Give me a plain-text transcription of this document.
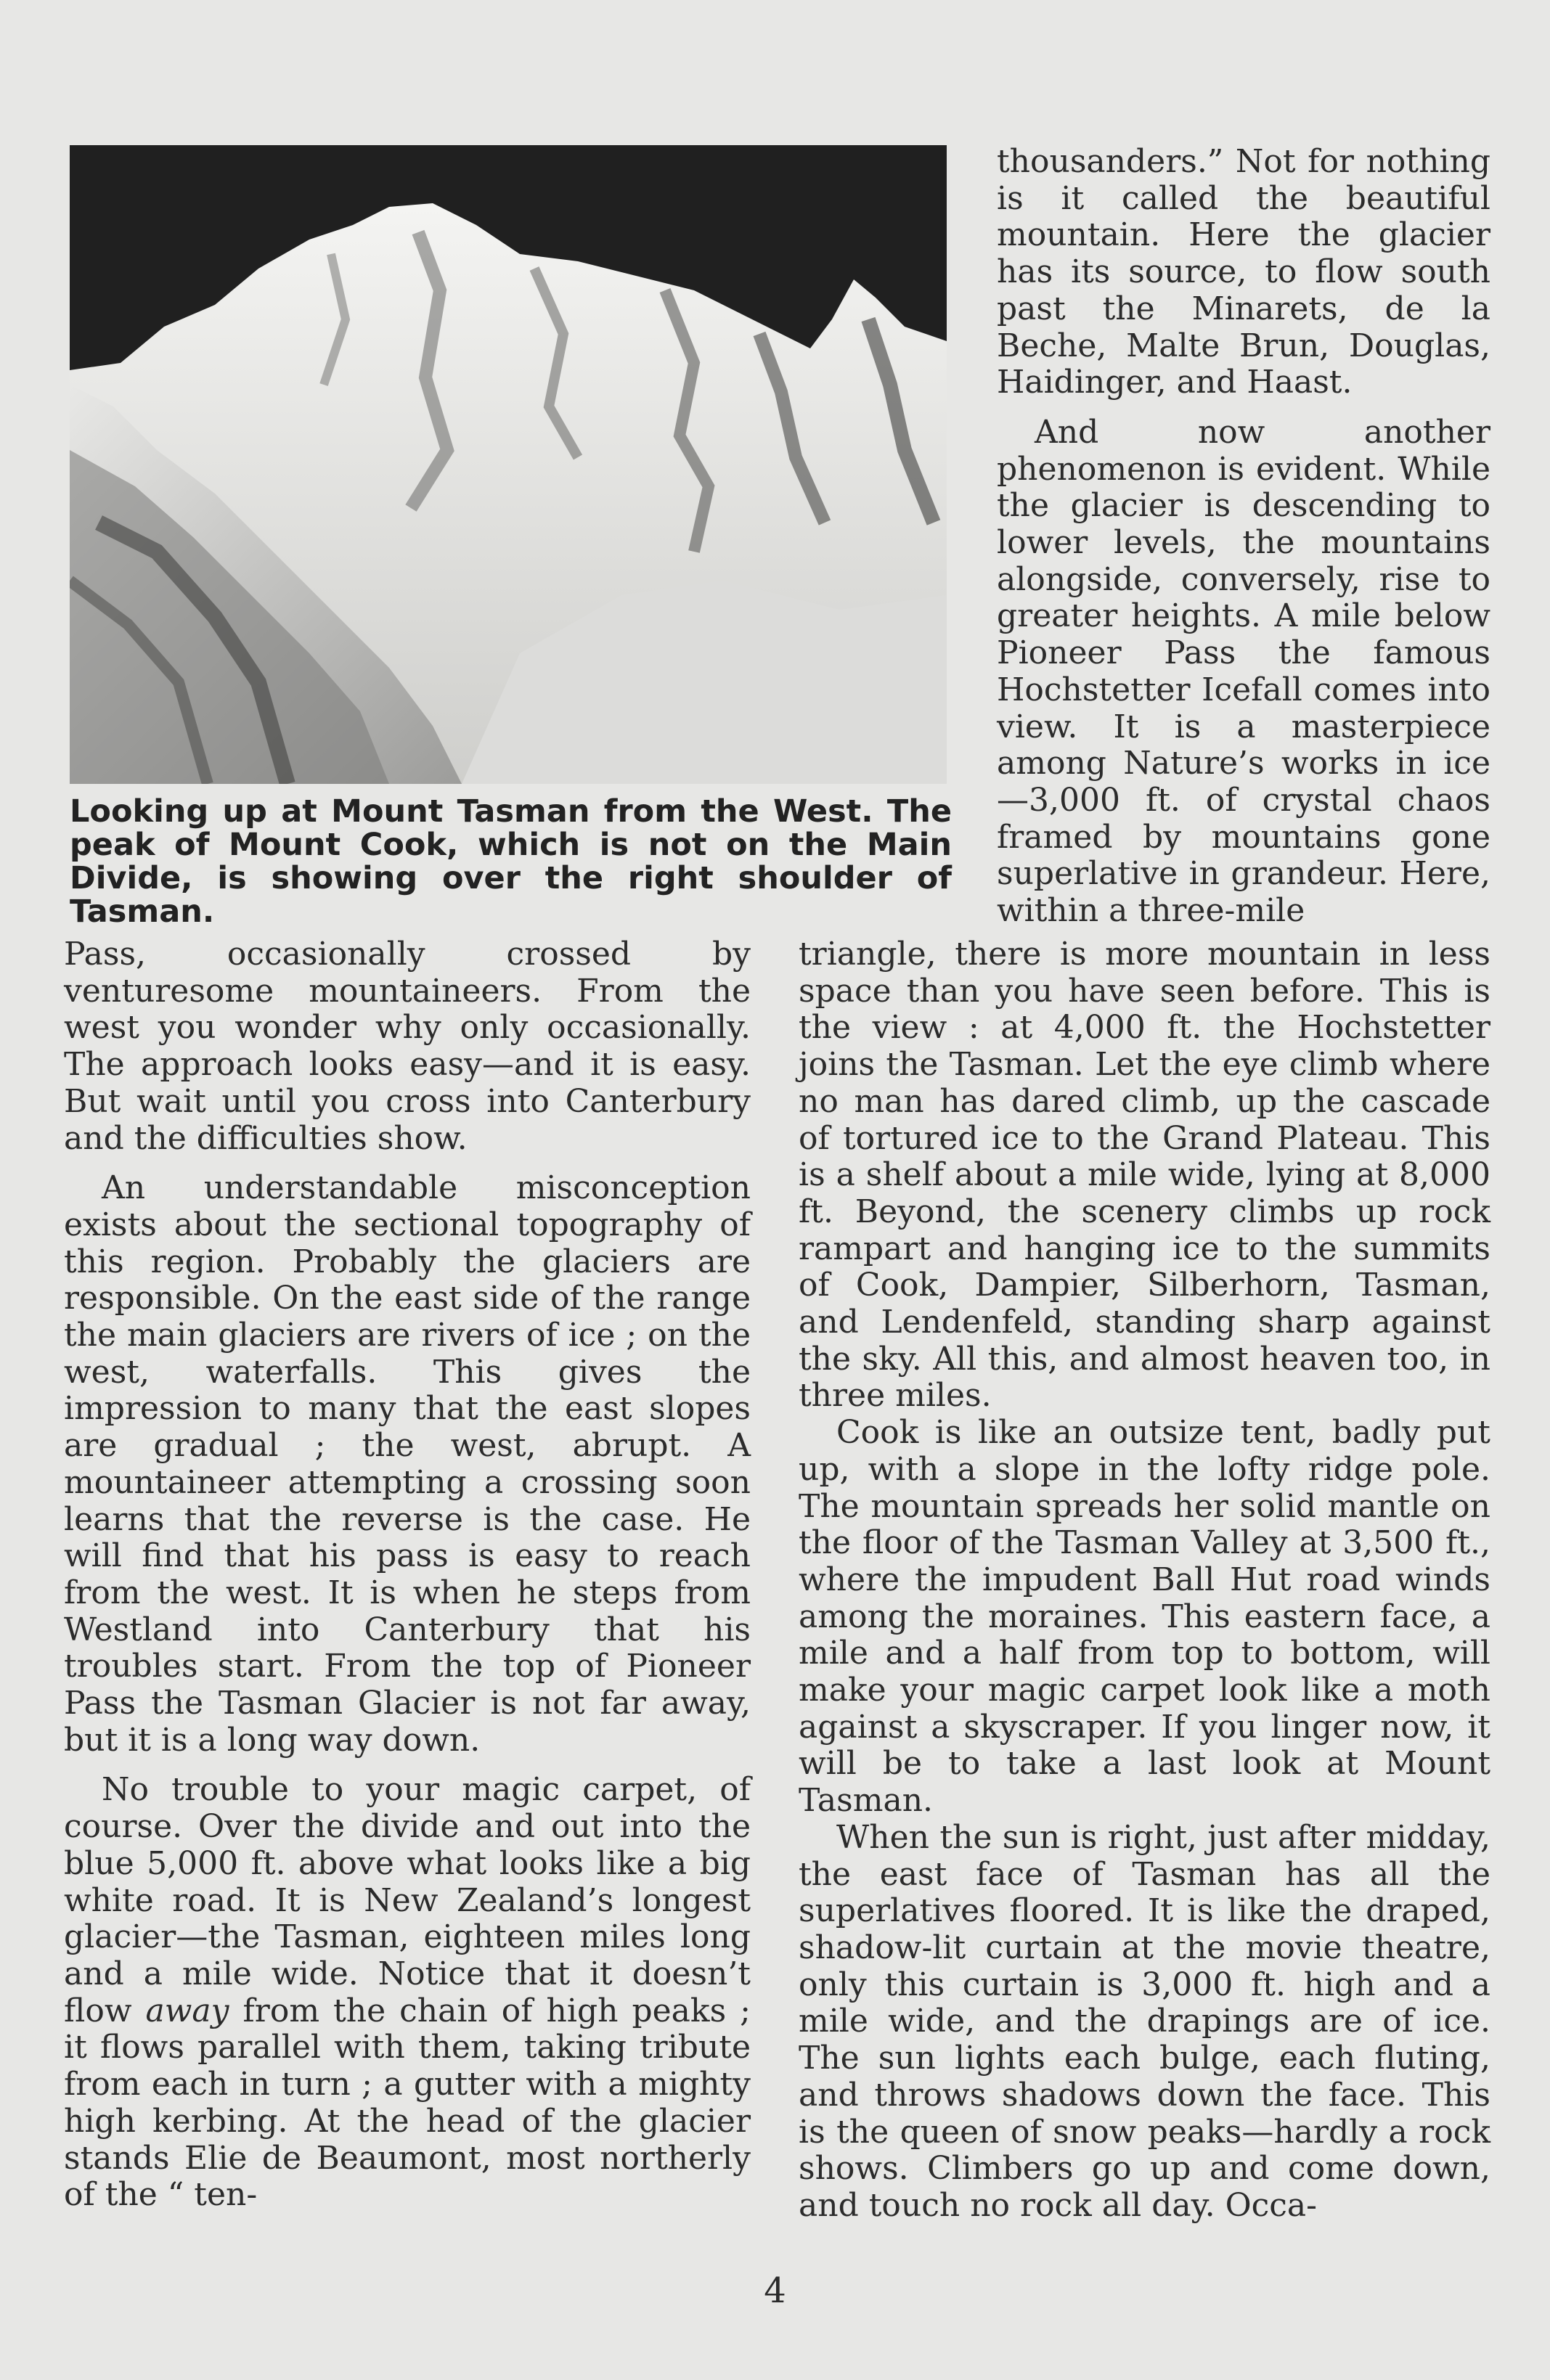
Looking up at Mount Tasman from the West. The peak of Mount Cook, which is not on the Main Divide, is showing over the right shoulder of Tasman.

thousanders.” Not for nothing is it called the beautiful mountain. Here the glacier has its source, to flow south past the Minarets, de la Beche, Malte Brun, Douglas, Haidinger, and Haast.

And now another phenomenon is evident. While the glacier is descending to lower levels, the mountains alongside, conversely, rise to greater heights. A mile below Pioneer Pass the famous Hochstetter Icefall comes into view. It is a masterpiece among Nature’s works in ice—3,000 ft. of crystal chaos framed by mountains gone superlative in grandeur. Here, within a three-mile

Pass, occasionally crossed by venturesome mountaineers. From the west you wonder why only occasionally. The approach looks easy—and it is easy. But wait until you cross into Canterbury and the difficulties show.

An understandable misconception exists about the sectional topography of this region. Probably the glaciers are responsible. On the east side of the range the main glaciers are rivers of ice ; on the west, waterfalls. This gives the impression to many that the east slopes are gradual ; the west, abrupt. A mountaineer attempting a crossing soon learns that the reverse is the case. He will find that his pass is easy to reach from the west. It is when he steps from Westland into Canterbury that his troubles start. From the top of Pioneer Pass the Tasman Glacier is not far away, but it is a long way down.

No trouble to your magic carpet, of course. Over the divide and out into the blue 5,000 ft. above what looks like a big white road. It is New Zealand’s longest glacier—the Tasman, eighteen miles long and a mile wide. Notice that it doesn’t flow away from the chain of high peaks ; it flows parallel with them, taking tribute from each in turn ; a gutter with a mighty high kerbing. At the head of the glacier stands Elie de Beaumont, most northerly of the “ ten-

triangle, there is more mountain in less space than you have seen before. This is the view : at 4,000 ft. the Hochstetter joins the Tasman. Let the eye climb where no man has dared climb, up the cascade of tortured ice to the Grand Plateau. This is a shelf about a mile wide, lying at 8,000 ft. Beyond, the scenery climbs up rock rampart and hanging ice to the summits of Cook, Dampier, Silberhorn, Tasman, and Lendenfeld, standing sharp against the sky. All this, and almost heaven too, in three miles.

Cook is like an outsize tent, badly put up, with a slope in the lofty ridge pole. The mountain spreads her solid mantle on the floor of the Tasman Valley at 3,500 ft., where the impudent Ball Hut road winds among the moraines. This eastern face, a mile and a half from top to bottom, will make your magic carpet look like a moth against a skyscraper. If you linger now, it will be to take a last look at Mount Tasman.

When the sun is right, just after midday, the east face of Tasman has all the superlatives floored. It is like the draped, shadow-lit curtain at the movie theatre, only this curtain is 3,000 ft. high and a mile wide, and the drapings are of ice. The sun lights each bulge, each fluting, and throws shadows down the face. This is the queen of snow peaks—hardly a rock shows. Climbers go up and come down, and touch no rock all day. Occa-

4
